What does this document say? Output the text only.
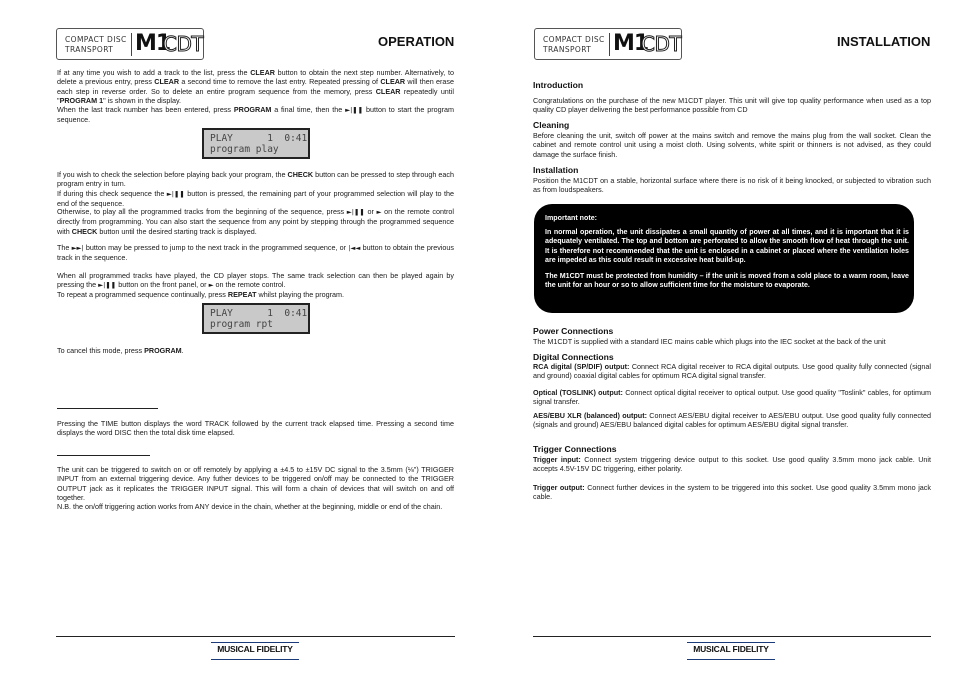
COMPACT DISC
TRANSPORT M1
CDT	OPERATION
If at any time you wish to add a track to the list, press the CLEAR button to obtain the next step number. Alternatively, to delete a previous entry, press CLEAR a second time to remove the last entry. Repeated pressing of CLEAR will then erase each step in reverse order. So to delete an entire program sequence from the memory, press CLEAR repeatedly until "PROGRAM 1" is shown in the display.
When the last track number has been entered, press PROGRAM a final time, then the ►|❚❚ button to start the program sequence.
PLAY      1  0:41
program play
If you wish to check the selection before playing back your program, the CHECK button can be pressed to step through each program entry in turn.
If during this check sequence the ►|❚❚ button is pressed, the remaining part of your programmed selection will play to the end of the sequence.
Otherwise, to play all the programmed tracks from the beginning of the sequence, press ►|❚❚ or ► on the remote control directly from programming. You can also start the sequence from any point by stepping through the programmed sequence with CHECK button until the desired starting track is displayed.
The ►►| button may be pressed to jump to the next track in the programmed sequence, or |◄◄ button to obtain the previous track in the sequence.
When all programmed tracks have played, the CD player stops. The same track selection can then be played again by pressing the ►|❚❚ button on the front panel, or ► on the remote control.
To repeat a programmed sequence continually, press REPEAT whilst playing the program.
PLAY      1  0:41
program rpt
To cancel this mode, press PROGRAM.
Pressing the TIME button displays the word TRACK followed by the current track elapsed time. Pressing a second time displays the word DISC then the total disk time elapsed.
The unit can be triggered to switch on or off remotely by applying a ±4.5 to ±15V DC signal to the 3.5mm (⅛") TRIGGER INPUT from an external triggering device. Any futher devices to be triggered on/off may be connected to the TRIGGER OUTPUT jack as it replicates the TRIGGER INPUT signal. This will form a chain of devices that will switch on and off together.
N.B. the on/off triggering action works from ANY device in the chain, whether at the beginning, middle or end of the chain.
MUSICAL FIDELITY
COMPACT DISC
TRANSPORT M1
CDT	INSTALLATION
Introduction
Congratulations on the purchase of the new M1CDT player. This unit will give top quality performance when used as a top quality CD player delivering the best performance possible from CD
Cleaning
Before cleaning the unit, switch off power at the mains switch and remove the mains plug from the wall socket. Clean the cabinet and remote control unit using a moist cloth. Using solvents, white spirit or thinners is not advised, as they could damage the surface finish.
Installation
Position the M1CDT on a stable, horizontal surface where there is no risk of it being knocked, or subjected to vibration such as from loudspeakers.
Important note:
In normal operation, the unit dissipates a small quantity of power at all times, and it is important that it is adequately ventilated. The top and bottom are perforated to allow the smooth flow of heat through the unit. It is therefore not recommended that the unit is enclosed in a cabinet or placed where the ventilation holes are impeded as this could result in excessive heat build-up.
The M1CDT must be protected from humidity – if the unit is moved from a cold place to a warm room, leave the unit for an hour or so to allow sufficient time for the moisture to evaporate.
Power Connections
The M1CDT is supplied with a standard IEC mains cable which plugs into the IEC socket at the back of the unit
Digital Connections
RCA digital (SP/DIF) output: Connect RCA digital receiver to RCA digital outputs. Use good quality fully connected (signal and ground) coaxial digital cables for optimum RCA digital signal transfer.
Optical (TOSLINK) output: Connect optical digital receiver to optical output. Use good quality "Toslink" cables, for optimum signal transfer.
AES/EBU XLR (balanced) output: Connect AES/EBU digital receiver to AES/EBU output. Use good quality fully connected (signals and ground) AES/EBU balanced digital cables for optimum AES/EBU digital signal transfer.
Trigger Connections
Trigger input: Connect system triggering device output to this socket. Use good quality 3.5mm mono jack cable. Unit accepts 4.5V-15V DC triggering, either polarity.
Trigger output: Connect further devices in the system to be triggered into this socket. Use good quality 3.5mm mono jack cable.
MUSICAL FIDELITY
